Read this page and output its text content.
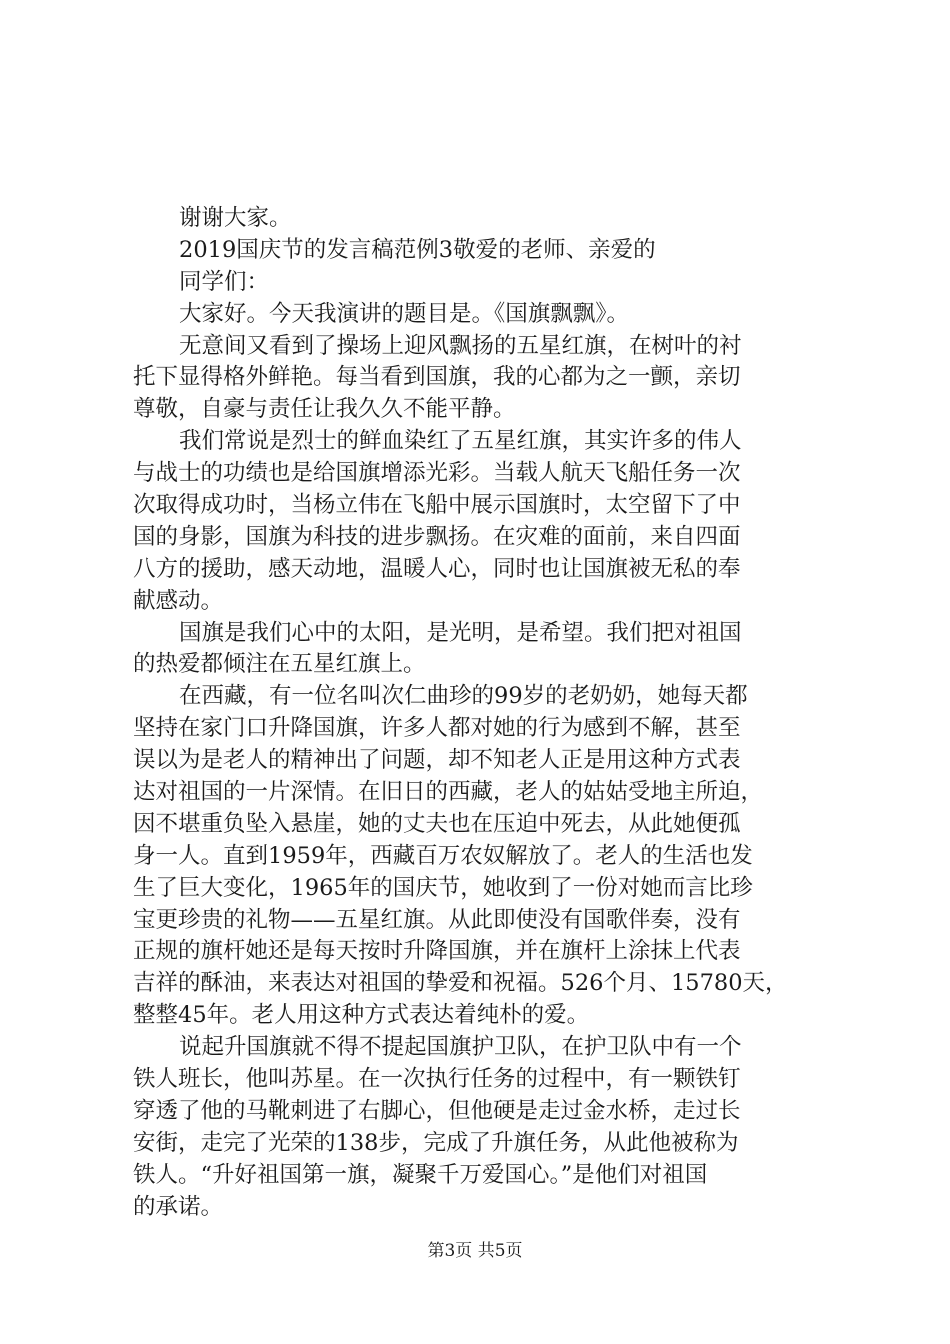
谢谢大家。
2019国庆节的发言稿范例3敬爱的老师、亲爱的
同学们：
大家好。今天我演讲的题目是。《国旗飘飘》。
无意间又看到了操场上迎风飘扬的五星红旗，在树叶的衬
托下显得格外鲜艳。每当看到国旗，我的心都为之一颤，亲切
尊敬，自豪与责任让我久久不能平静。
我们常说是烈士的鲜血染红了五星红旗，其实许多的伟人
与战士的功绩也是给国旗增添光彩。当载人航天飞船任务一次
次取得成功时，当杨立伟在飞船中展示国旗时，太空留下了中
国的身影，国旗为科技的进步飘扬。在灾难的面前，来自四面
八方的援助，感天动地，温暖人心，同时也让国旗被无私的奉
献感动。
国旗是我们心中的太阳，是光明，是希望。我们把对祖国
的热爱都倾注在五星红旗上。
在西藏，有一位名叫次仁曲珍的99岁的老奶奶，她每天都
坚持在家门口升降国旗，许多人都对她的行为感到不解，甚至
误以为是老人的精神出了问题，却不知老人正是用这种方式表
达对祖国的一片深情。在旧日的西藏，老人的姑姑受地主所迫，
因不堪重负坠入悬崖，她的丈夫也在压迫中死去，从此她便孤
身一人。直到1959年，西藏百万农奴解放了。老人的生活也发
生了巨大变化，1965年的国庆节，她收到了一份对她而言比珍
宝更珍贵的礼物——五星红旗。从此即使没有国歌伴奏，没有
正规的旗杆她还是每天按时升降国旗，并在旗杆上涂抹上代表
吉祥的酥油，来表达对祖国的挚爱和祝福。526个月、15780天，
整整45年。老人用这种方式表达着纯朴的爱。
说起升国旗就不得不提起国旗护卫队，在护卫队中有一个
铁人班长，他叫苏星。在一次执行任务的过程中，有一颗铁钉
穿透了他的马靴刺进了右脚心，但他硬是走过金水桥，走过长
安街，走完了光荣的138步，完成了升旗任务，从此他被称为
铁人。“升好祖国第一旗，凝聚千万爱国心。”是他们对祖国
的承诺。
第3页 共5页
